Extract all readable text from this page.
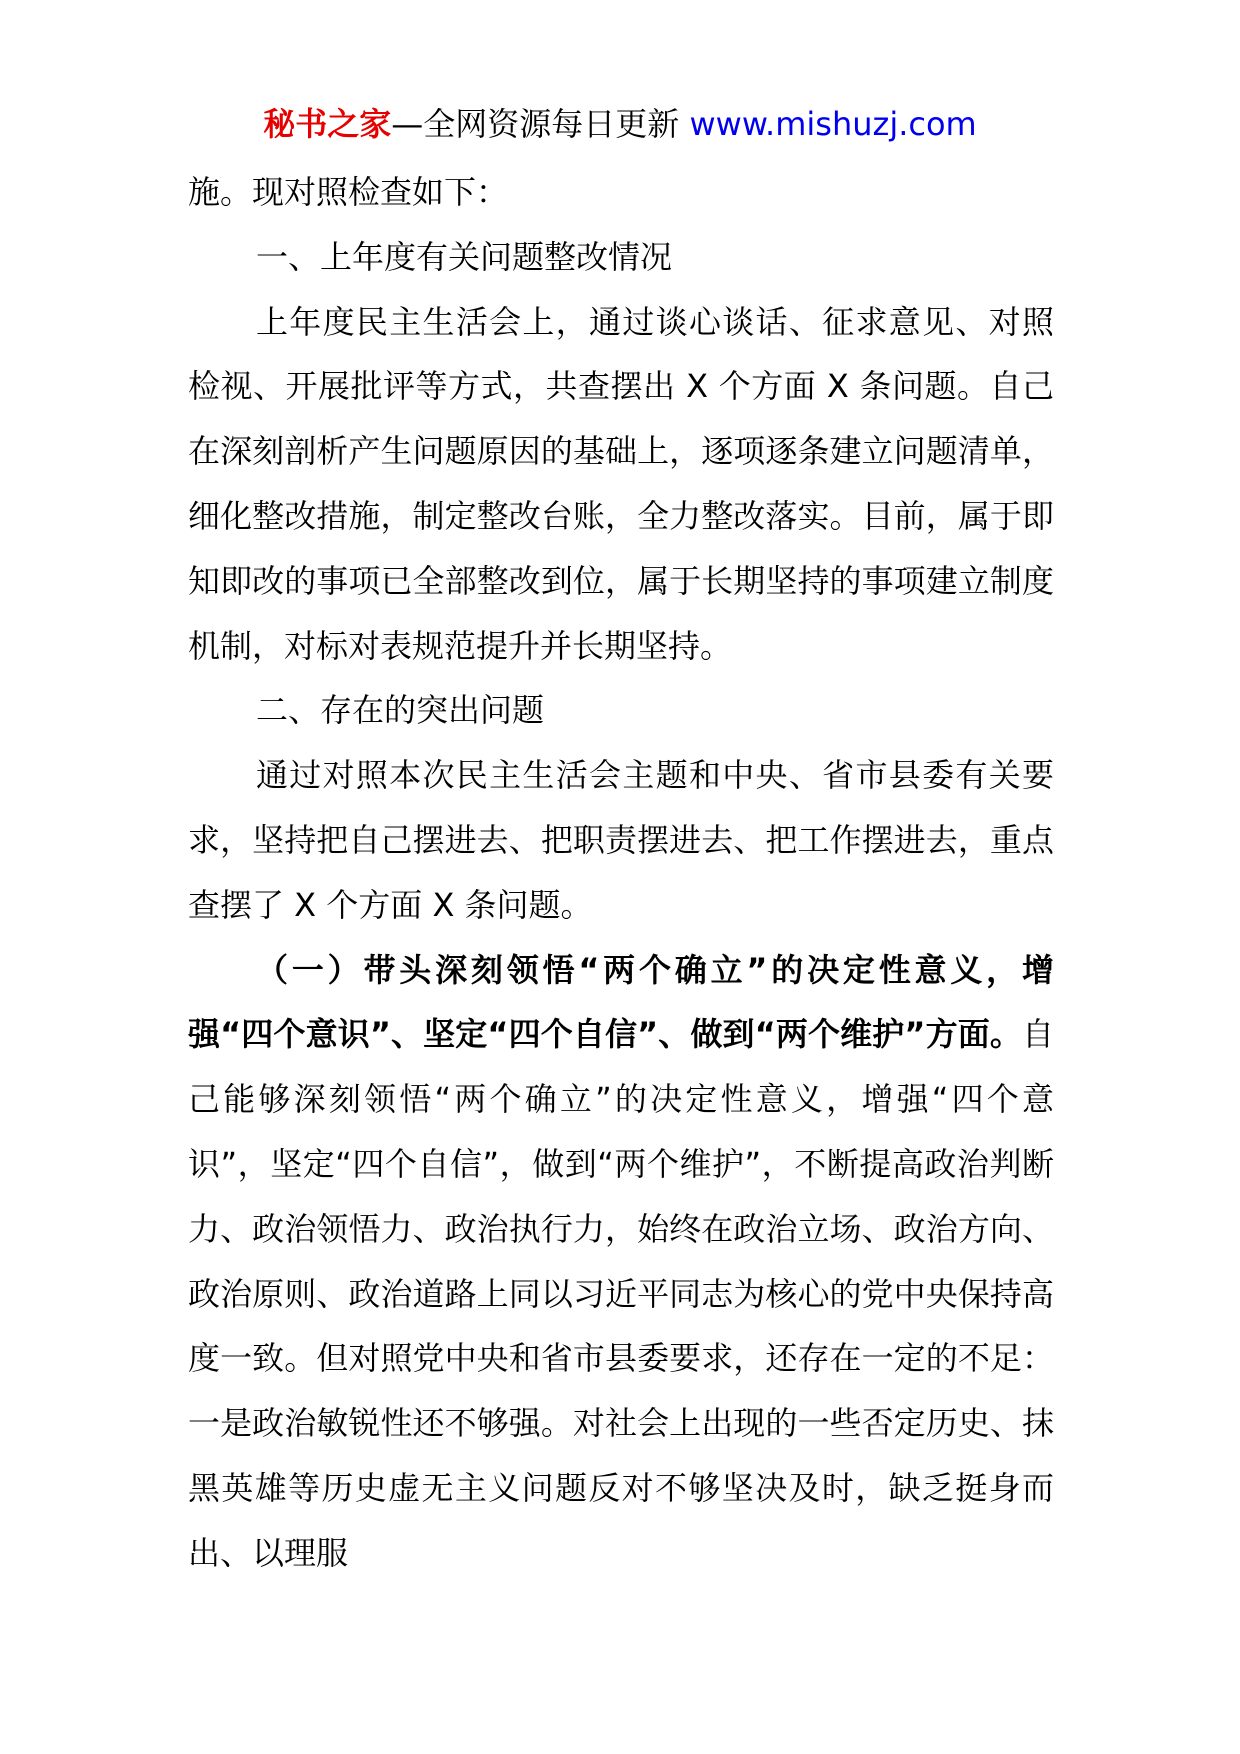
秘书之家—全网资源每日更新 www.mishuzj.com

施。现对照检查如下：

一、上年度有关问题整改情况

上年度民主生活会上，通过谈心谈话、征求意见、对照检视、开展批评等方式，共查摆出 X 个方面 X 条问题。自己在深刻剖析产生问题原因的基础上，逐项逐条建立问题清单，细化整改措施，制定整改台账，全力整改落实。目前，属于即知即改的事项已全部整改到位，属于长期坚持的事项建立制度机制，对标对表规范提升并长期坚持。

二、存在的突出问题

通过对照本次民主生活会主题和中央、省市县委有关要求，坚持把自己摆进去、把职责摆进去、把工作摆进去，重点查摆了 X 个方面 X 条问题。

（一）带头深刻领悟“两个确立”的决定性意义，增强“四个意识”、坚定“四个自信”、做到“两个维护”方面。自己能够深刻领悟“两个确立”的决定性意义，增强“四个意识”，坚定“四个自信”，做到“两个维护”，不断提高政治判断力、政治领悟力、政治执行力，始终在政治立场、政治方向、政治原则、政治道路上同以习近平同志为核心的党中央保持高度一致。但对照党中央和省市县委要求，还存在一定的不足：一是政治敏锐性还不够强。对社会上出现的一些否定历史、抹黑英雄等历史虚无主义问题反对不够坚决及时，缺乏挺身而出、以理服
